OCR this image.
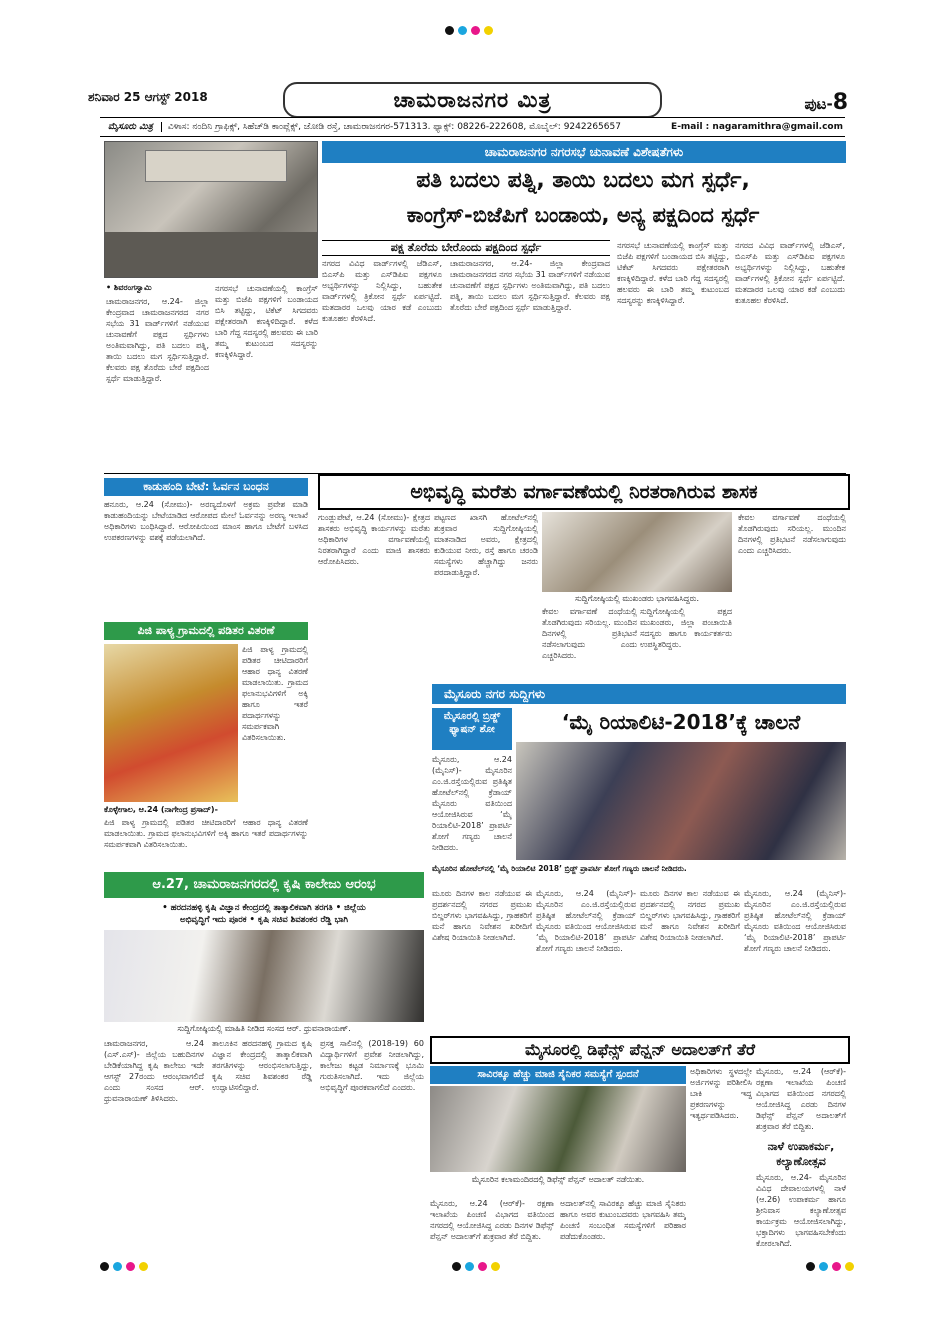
ಶನಿವಾರ 25 ಆಗಸ್ಟ್ 2018	ಚಾಮರಾಜನಗರ ಮಿತ್ರ	ಪುಟ-8
ಮೈಸೂರು ಮಿತ್ರ ವಿಳಾಸ: ನಂದಿನಿ ಗ್ರಾಫಿಕ್ಸ್, ಸಿಹೆಚ್‌ಡಿ ಕಾಂಪ್ಲೆಕ್ಸ್, ಜೋಡಿ ರಸ್ತೆ, ಚಾಮರಾಜನಗರ-571313. ಫ್ಯಾಕ್ಸ್: 08226-222608, ಮೊಬೈಲ್: 9242265657	E-mail : nagaramithra@gmail.com
ಚಾಮರಾಜನಗರ ನಗರಸಭೆ ಚುನಾವಣೆ ವಿಶೇಷತೆಗಳು
ಪತಿ ಬದಲು ಪತ್ನಿ, ತಾಯಿ ಬದಲು ಮಗ ಸ್ಪರ್ಧೆ,
ಕಾಂಗ್ರೆಸ್-ಬಿಜೆಪಿಗೆ ಬಂಡಾಯ, ಅನ್ಯ ಪಕ್ಷದಿಂದ ಸ್ಪರ್ಧೆ
ಪಕ್ಷ ತೊರೆದು ಬೇರೊಂದು ಪಕ್ಷದಿಂದ ಸ್ಪರ್ಧೆ
• ಶಿವರಂಗಸ್ವಾಮಿ
ಚಾಮರಾಜನಗರ, ಆ.24- ಜಿಲ್ಲಾ ಕೇಂದ್ರವಾದ ಚಾಮರಾಜನಗರದ ನಗರ ಸಭೆಯ 31 ವಾರ್ಡ್‌ಗಳಿಗೆ ನಡೆಯುವ ಚುನಾವಣೆಗೆ ಪಕ್ಷದ ಸ್ಪರ್ಧಿಗಳು ಅಂತಿಮವಾಗಿದ್ದು, ಪತಿ ಬದಲು ಪತ್ನಿ, ತಾಯಿ ಬದಲು ಮಗ ಸ್ಪರ್ಧಿಸುತ್ತಿದ್ದಾರೆ. ಕೆಲವರು ಪಕ್ಷ ತೊರೆದು ಬೇರೆ ಪಕ್ಷದಿಂದ ಸ್ಪರ್ಧೆ ಮಾಡುತ್ತಿದ್ದಾರೆ.
ನಗರಸಭೆ ಚುನಾವಣೆಯಲ್ಲಿ ಕಾಂಗ್ರೆಸ್ ಮತ್ತು ಬಿಜೆಪಿ ಪಕ್ಷಗಳಿಗೆ ಬಂಡಾಯದ ಬಿಸಿ ತಟ್ಟಿದ್ದು, ಟಿಕೆಟ್ ಸಿಗದವರು ಪಕ್ಷೇತರರಾಗಿ ಕಣಕ್ಕಿಳಿದಿದ್ದಾರೆ. ಕಳೆದ ಬಾರಿ ಗೆದ್ದ ಸದಸ್ಯರಲ್ಲಿ ಹಲವರು ಈ ಬಾರಿ ತಮ್ಮ ಕುಟುಂಬದ ಸದಸ್ಯರನ್ನು ಕಣಕ್ಕಿಳಿಸಿದ್ದಾರೆ.
ನಗರದ ವಿವಿಧ ವಾರ್ಡ್‌ಗಳಲ್ಲಿ ಜೆಡಿಎಸ್, ಬಿಎಸ್‌ಪಿ ಮತ್ತು ಎಸ್‌ಡಿಪಿಐ ಪಕ್ಷಗಳೂ ಅಭ್ಯರ್ಥಿಗಳನ್ನು ನಿಲ್ಲಿಸಿದ್ದು, ಬಹುತೇಕ ವಾರ್ಡ್‌ಗಳಲ್ಲಿ ತ್ರಿಕೋನ ಸ್ಪರ್ಧೆ ಏರ್ಪಟ್ಟಿದೆ. ಮತದಾರರ ಒಲವು ಯಾರ ಕಡೆ ಎಂಬುದು ಕುತೂಹಲ ಕೆರಳಿಸಿದೆ.
ಚಾಮರಾಜನಗರ, ಆ.24- ಜಿಲ್ಲಾ ಕೇಂದ್ರವಾದ ಚಾಮರಾಜನಗರದ ನಗರ ಸಭೆಯ 31 ವಾರ್ಡ್‌ಗಳಿಗೆ ನಡೆಯುವ ಚುನಾವಣೆಗೆ ಪಕ್ಷದ ಸ್ಪರ್ಧಿಗಳು ಅಂತಿಮವಾಗಿದ್ದು, ಪತಿ ಬದಲು ಪತ್ನಿ, ತಾಯಿ ಬದಲು ಮಗ ಸ್ಪರ್ಧಿಸುತ್ತಿದ್ದಾರೆ. ಕೆಲವರು ಪಕ್ಷ ತೊರೆದು ಬೇರೆ ಪಕ್ಷದಿಂದ ಸ್ಪರ್ಧೆ ಮಾಡುತ್ತಿದ್ದಾರೆ.
ನಗರಸಭೆ ಚುನಾವಣೆಯಲ್ಲಿ ಕಾಂಗ್ರೆಸ್ ಮತ್ತು ಬಿಜೆಪಿ ಪಕ್ಷಗಳಿಗೆ ಬಂಡಾಯದ ಬಿಸಿ ತಟ್ಟಿದ್ದು, ಟಿಕೆಟ್ ಸಿಗದವರು ಪಕ್ಷೇತರರಾಗಿ ಕಣಕ್ಕಿಳಿದಿದ್ದಾರೆ. ಕಳೆದ ಬಾರಿ ಗೆದ್ದ ಸದಸ್ಯರಲ್ಲಿ ಹಲವರು ಈ ಬಾರಿ ತಮ್ಮ ಕುಟುಂಬದ ಸದಸ್ಯರನ್ನು ಕಣಕ್ಕಿಳಿಸಿದ್ದಾರೆ.
ನಗರದ ವಿವಿಧ ವಾರ್ಡ್‌ಗಳಲ್ಲಿ ಜೆಡಿಎಸ್, ಬಿಎಸ್‌ಪಿ ಮತ್ತು ಎಸ್‌ಡಿಪಿಐ ಪಕ್ಷಗಳೂ ಅಭ್ಯರ್ಥಿಗಳನ್ನು ನಿಲ್ಲಿಸಿದ್ದು, ಬಹುತೇಕ ವಾರ್ಡ್‌ಗಳಲ್ಲಿ ತ್ರಿಕೋನ ಸ್ಪರ್ಧೆ ಏರ್ಪಟ್ಟಿದೆ. ಮತದಾರರ ಒಲವು ಯಾರ ಕಡೆ ಎಂಬುದು ಕುತೂಹಲ ಕೆರಳಿಸಿದೆ.
ಕಾಡುಹಂದಿ ಬೇಟೆ: ಓರ್ವನ ಬಂಧನ
ಹನೂರು, ಆ.24 (ಸೋಮು)- ಅರಣ್ಯದೊಳಗೆ ಅಕ್ರಮ ಪ್ರವೇಶ ಮಾಡಿ ಕಾಡುಹಂದಿಯನ್ನು ಬೇಟೆಯಾಡಿದ ಆರೋಪದ ಮೇಲೆ ಓರ್ವನನ್ನು ಅರಣ್ಯ ಇಲಾಖೆ ಅಧಿಕಾರಿಗಳು ಬಂಧಿಸಿದ್ದಾರೆ. ಆರೋಪಿಯಿಂದ ಮಾಂಸ ಹಾಗೂ ಬೇಟೆಗೆ ಬಳಸಿದ ಉಪಕರಣಗಳನ್ನು ವಶಕ್ಕೆ ಪಡೆಯಲಾಗಿದೆ.
ಪಿಜಿ ಪಾಳ್ಯ ಗ್ರಾಮದಲ್ಲಿ ಪಡಿತರ ವಿತರಣೆ
ಪಿಜಿ ಪಾಳ್ಯ ಗ್ರಾಮದಲ್ಲಿ ಪಡಿತರ ಚೀಟಿದಾರರಿಗೆ ಆಹಾರ ಧಾನ್ಯ ವಿತರಣೆ ಮಾಡಲಾಯಿತು. ಗ್ರಾಮದ ಫಲಾನುಭವಿಗಳಿಗೆ ಅಕ್ಕಿ ಹಾಗೂ ಇತರೆ ಪದಾರ್ಥಗಳನ್ನು ಸಮರ್ಪಕವಾಗಿ ವಿತರಿಸಲಾಯಿತು.
ಕೊಳ್ಳೇಗಾಲ, ಆ.24 (ನಾಗೇಂದ್ರ ಪ್ರಸಾದ್)-
ಪಿಜಿ ಪಾಳ್ಯ ಗ್ರಾಮದಲ್ಲಿ ಪಡಿತರ ಚೀಟಿದಾರರಿಗೆ ಆಹಾರ ಧಾನ್ಯ ವಿತರಣೆ ಮಾಡಲಾಯಿತು. ಗ್ರಾಮದ ಫಲಾನುಭವಿಗಳಿಗೆ ಅಕ್ಕಿ ಹಾಗೂ ಇತರೆ ಪದಾರ್ಥಗಳನ್ನು ಸಮರ್ಪಕವಾಗಿ ವಿತರಿಸಲಾಯಿತು.
ಅಭಿವೃದ್ಧಿ ಮರೆತು ವರ್ಗಾವಣೆಯಲ್ಲಿ ನಿರತರಾಗಿರುವ ಶಾಸಕ
ಗುಂಡ್ಲುಪೇಟೆ, ಆ.24 (ಸೋಮು)- ಕ್ಷೇತ್ರದ ಶಾಸಕರು ಅಭಿವೃದ್ಧಿ ಕಾರ್ಯಗಳನ್ನು ಮರೆತು ಅಧಿಕಾರಿಗಳ ವರ್ಗಾವಣೆಯಲ್ಲಿ ನಿರತರಾಗಿದ್ದಾರೆ ಎಂದು ಮಾಜಿ ಶಾಸಕರು ಆರೋಪಿಸಿದರು.
ಪಟ್ಟಣದ ಖಾಸಗಿ ಹೋಟೆಲ್‌ನಲ್ಲಿ ಶುಕ್ರವಾರ ಸುದ್ದಿಗೋಷ್ಠಿಯಲ್ಲಿ ಮಾತನಾಡಿದ ಅವರು, ಕ್ಷೇತ್ರದಲ್ಲಿ ಕುಡಿಯುವ ನೀರು, ರಸ್ತೆ ಹಾಗೂ ಚರಂಡಿ ಸಮಸ್ಯೆಗಳು ಹೆಚ್ಚಾಗಿದ್ದು ಜನರು ಪರದಾಡುತ್ತಿದ್ದಾರೆ.
ಸುದ್ದಿಗೋಷ್ಠಿಯಲ್ಲಿ ಮುಖಂಡರು ಭಾಗವಹಿಸಿದ್ದರು.
ಕೇವಲ ವರ್ಗಾವಣೆ ದಂಧೆಯಲ್ಲಿ ತೊಡಗಿರುವುದು ಸರಿಯಲ್ಲ. ಮುಂದಿನ ದಿನಗಳಲ್ಲಿ ಪ್ರತಿಭಟನೆ ನಡೆಸಲಾಗುವುದು ಎಂದು ಎಚ್ಚರಿಸಿದರು.
ಸುದ್ದಿಗೋಷ್ಠಿಯಲ್ಲಿ ಪಕ್ಷದ ಮುಖಂಡರು, ಜಿಲ್ಲಾ ಪಂಚಾಯಿತಿ ಸದಸ್ಯರು ಹಾಗೂ ಕಾರ್ಯಕರ್ತರು ಉಪಸ್ಥಿತರಿದ್ದರು.
ಕೇವಲ ವರ್ಗಾವಣೆ ದಂಧೆಯಲ್ಲಿ ತೊಡಗಿರುವುದು ಸರಿಯಲ್ಲ. ಮುಂದಿನ ದಿನಗಳಲ್ಲಿ ಪ್ರತಿಭಟನೆ ನಡೆಸಲಾಗುವುದು ಎಂದು ಎಚ್ಚರಿಸಿದರು.
ಮೈಸೂರು ನಗರ ಸುದ್ದಿಗಳು
ಮೈಸೂರಲ್ಲಿ ಬ್ರಿಡ್ಜ್ ಫ್ಯಾಷನ್ ಶೋ	‘ಮೈ ರಿಯಾಲಿಟಿ-2018’ಕ್ಕೆ ಚಾಲನೆ
ಮೈಸೂರು, ಆ.24 (ಮೈನಿಸ್)- ಮೈಸೂರಿನ ಎಂ.ಜಿ.ರಸ್ತೆಯಲ್ಲಿರುವ ಪ್ರತಿಷ್ಠಿತ ಹೋಟೆಲ್‌ನಲ್ಲಿ ಕ್ರೆಡಾಯ್ ಮೈಸೂರು ವತಿಯಿಂದ ಆಯೋಜಿಸಿರುವ ‘ಮೈ ರಿಯಾಲಿಟಿ-2018’ ಪ್ರಾಪರ್ಟಿ ಶೋಗೆ ಗಣ್ಯರು ಚಾಲನೆ ನೀಡಿದರು.
ಮೈಸೂರಿನ ಹೋಟೆಲ್‌ನಲ್ಲಿ ‘ಮೈ ರಿಯಾಲಿಟಿ 2018’ ಬ್ರಿಡ್ಜ್ ಪ್ರಾಪರ್ಟಿ ಶೋಗೆ ಗಣ್ಯರು ಚಾಲನೆ ನೀಡಿದರು.
ಮೂರು ದಿನಗಳ ಕಾಲ ನಡೆಯುವ ಈ ಪ್ರದರ್ಶನದಲ್ಲಿ ನಗರದ ಪ್ರಮುಖ ಬಿಲ್ಡರ್‌ಗಳು ಭಾಗವಹಿಸಿದ್ದು, ಗ್ರಾಹಕರಿಗೆ ಮನೆ ಹಾಗೂ ನಿವೇಶನ ಖರೀದಿಗೆ ವಿಶೇಷ ರಿಯಾಯಿತಿ ನೀಡಲಾಗಿದೆ.
ಮೈಸೂರು, ಆ.24 (ಮೈನಿಸ್)- ಮೈಸೂರಿನ ಎಂ.ಜಿ.ರಸ್ತೆಯಲ್ಲಿರುವ ಪ್ರತಿಷ್ಠಿತ ಹೋಟೆಲ್‌ನಲ್ಲಿ ಕ್ರೆಡಾಯ್ ಮೈಸೂರು ವತಿಯಿಂದ ಆಯೋಜಿಸಿರುವ ‘ಮೈ ರಿಯಾಲಿಟಿ-2018’ ಪ್ರಾಪರ್ಟಿ ಶೋಗೆ ಗಣ್ಯರು ಚಾಲನೆ ನೀಡಿದರು.
ಮೂರು ದಿನಗಳ ಕಾಲ ನಡೆಯುವ ಈ ಪ್ರದರ್ಶನದಲ್ಲಿ ನಗರದ ಪ್ರಮುಖ ಬಿಲ್ಡರ್‌ಗಳು ಭಾಗವಹಿಸಿದ್ದು, ಗ್ರಾಹಕರಿಗೆ ಮನೆ ಹಾಗೂ ನಿವೇಶನ ಖರೀದಿಗೆ ವಿಶೇಷ ರಿಯಾಯಿತಿ ನೀಡಲಾಗಿದೆ.
ಮೈಸೂರು, ಆ.24 (ಮೈನಿಸ್)- ಮೈಸೂರಿನ ಎಂ.ಜಿ.ರಸ್ತೆಯಲ್ಲಿರುವ ಪ್ರತಿಷ್ಠಿತ ಹೋಟೆಲ್‌ನಲ್ಲಿ ಕ್ರೆಡಾಯ್ ಮೈಸೂರು ವತಿಯಿಂದ ಆಯೋಜಿಸಿರುವ ‘ಮೈ ರಿಯಾಲಿಟಿ-2018’ ಪ್ರಾಪರ್ಟಿ ಶೋಗೆ ಗಣ್ಯರು ಚಾಲನೆ ನೀಡಿದರು.
ಆ.27, ಚಾಮರಾಜನಗರದಲ್ಲಿ ಕೃಷಿ ಕಾಲೇಜು ಆರಂಭ
• ಹರದನಹಳ್ಳಿ ಕೃಷಿ ವಿಜ್ಞಾನ ಕೇಂದ್ರದಲ್ಲಿ ತಾತ್ಕಾಲಿಕವಾಗಿ ತರಗತಿ • ಜಿಲ್ಲೆಯ
ಅಭಿವೃದ್ಧಿಗೆ ಇದು ಪೂರಕ • ಕೃಷಿ ಸಚಿವ ಶಿವಶಂಕರ ರೆಡ್ಡಿ ಭಾಗಿ
ಸುದ್ದಿಗೋಷ್ಠಿಯಲ್ಲಿ ಮಾಹಿತಿ ನೀಡಿದ ಸಂಸದ ಆರ್. ಧ್ರುವನಾರಾಯಣ್.
ಚಾಮರಾಜನಗರ, ಆ.24 (ಎಸ್.ಎಸ್)- ಜಿಲ್ಲೆಯ ಬಹುದಿನಗಳ ಬೇಡಿಕೆಯಾಗಿದ್ದ ಕೃಷಿ ಕಾಲೇಜು ಇದೇ ಆಗಸ್ಟ್ 27ರಂದು ಆರಂಭವಾಗಲಿದೆ ಎಂದು ಸಂಸದ ಆರ್. ಧ್ರುವನಾರಾಯಣ್ ತಿಳಿಸಿದರು.
ತಾಲೂಕಿನ ಹರದನಹಳ್ಳಿ ಗ್ರಾಮದ ಕೃಷಿ ವಿಜ್ಞಾನ ಕೇಂದ್ರದಲ್ಲಿ ತಾತ್ಕಾಲಿಕವಾಗಿ ತರಗತಿಗಳನ್ನು ಆರಂಭಿಸಲಾಗುತ್ತಿದ್ದು, ಕೃಷಿ ಸಚಿವ ಶಿವಶಂಕರ ರೆಡ್ಡಿ ಉದ್ಘಾಟಿಸಲಿದ್ದಾರೆ.
ಪ್ರಸಕ್ತ ಸಾಲಿನಲ್ಲಿ (2018-19) 60 ವಿದ್ಯಾರ್ಥಿಗಳಿಗೆ ಪ್ರವೇಶ ನೀಡಲಾಗಿದ್ದು, ಕಾಲೇಜು ಕಟ್ಟಡ ನಿರ್ಮಾಣಕ್ಕೆ ಭೂಮಿ ಗುರುತಿಸಲಾಗಿದೆ. ಇದು ಜಿಲ್ಲೆಯ ಅಭಿವೃದ್ಧಿಗೆ ಪೂರಕವಾಗಲಿದೆ ಎಂದರು.
ಮೈಸೂರಲ್ಲಿ ಡಿಫೆನ್ಸ್ ಪೆನ್ಷನ್ ಅದಾಲತ್‌ಗೆ ತೆರೆ
ಸಾವಿರಕ್ಕೂ ಹೆಚ್ಚು ಮಾಜಿ ಸೈನಿಕರ ಸಮಸ್ಯೆಗೆ ಸ್ಪಂದನೆ
ಮೈಸೂರಿನ ಕಲಾಮಂದಿರದಲ್ಲಿ ಡಿಫೆನ್ಸ್ ಪೆನ್ಷನ್ ಅದಾಲತ್ ನಡೆಯಿತು.
ಮೈಸೂರು, ಆ.24 (ಆರ್‌ಕೆ)- ರಕ್ಷಣಾ ಇಲಾಖೆಯ ಪಿಂಚಣಿ ವಿಭಾಗದ ವತಿಯಿಂದ ನಗರದಲ್ಲಿ ಆಯೋಜಿಸಿದ್ದ ಎರಡು ದಿನಗಳ ಡಿಫೆನ್ಸ್ ಪೆನ್ಷನ್ ಅದಾಲತ್‌ಗೆ ಶುಕ್ರವಾರ ತೆರೆ ಬಿದ್ದಿತು.
ಅದಾಲತ್‌ನಲ್ಲಿ ಸಾವಿರಕ್ಕೂ ಹೆಚ್ಚು ಮಾಜಿ ಸೈನಿಕರು ಹಾಗೂ ಅವರ ಕುಟುಂಬದವರು ಭಾಗವಹಿಸಿ ತಮ್ಮ ಪಿಂಚಣಿ ಸಂಬಂಧಿತ ಸಮಸ್ಯೆಗಳಿಗೆ ಪರಿಹಾರ ಪಡೆದುಕೊಂಡರು.
ಅಧಿಕಾರಿಗಳು ಸ್ಥಳದಲ್ಲೇ ಅರ್ಜಿಗಳನ್ನು ಪರಿಶೀಲಿಸಿ ಬಾಕಿ ಇದ್ದ ಪ್ರಕರಣಗಳನ್ನು ಇತ್ಯರ್ಥಪಡಿಸಿದರು.
ಮೈಸೂರು, ಆ.24 (ಆರ್‌ಕೆ)- ರಕ್ಷಣಾ ಇಲಾಖೆಯ ಪಿಂಚಣಿ ವಿಭಾಗದ ವತಿಯಿಂದ ನಗರದಲ್ಲಿ ಆಯೋಜಿಸಿದ್ದ ಎರಡು ದಿನಗಳ ಡಿಫೆನ್ಸ್ ಪೆನ್ಷನ್ ಅದಾಲತ್‌ಗೆ ಶುಕ್ರವಾರ ತೆರೆ ಬಿದ್ದಿತು.
ನಾಳೆ ಉಪಾಕರ್ಮ,
ಕಲ್ಯಾಣೋತ್ಸವ
ಮೈಸೂರು, ಆ.24- ಮೈಸೂರಿನ ವಿವಿಧ ದೇವಾಲಯಗಳಲ್ಲಿ ನಾಳೆ (ಆ.26) ಉಪಾಕರ್ಮ ಹಾಗೂ ಶ್ರೀನಿವಾಸ ಕಲ್ಯಾಣೋತ್ಸವ ಕಾರ್ಯಕ್ರಮ ಆಯೋಜಿಸಲಾಗಿದ್ದು, ಭಕ್ತಾದಿಗಳು ಭಾಗವಹಿಸಬೇಕೆಂದು ಕೋರಲಾಗಿದೆ.
